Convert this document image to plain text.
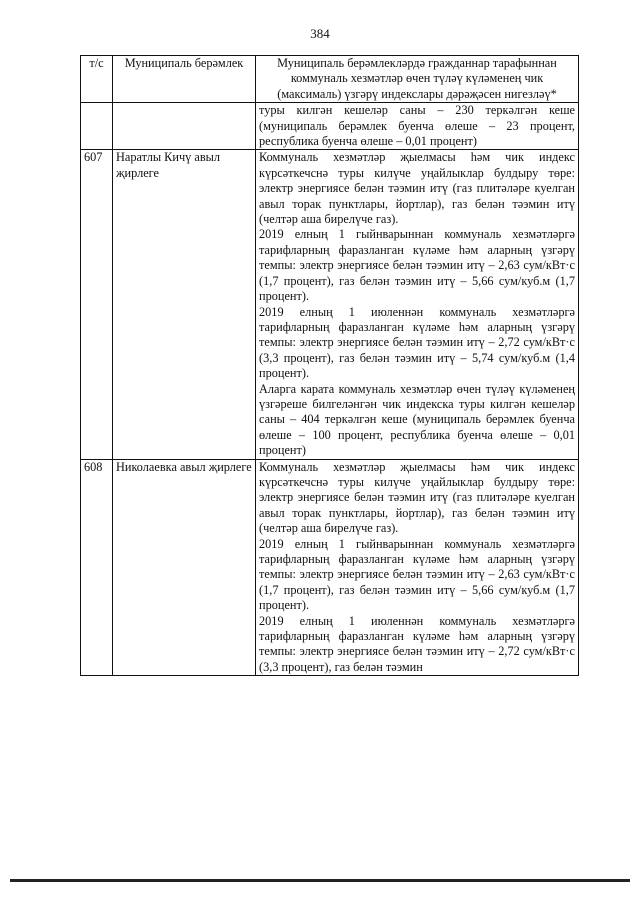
384
т/с	Муниципаль берәмлек	Муниципаль берәмлекләрдә гражданнар тарафыннан коммуналь хезмәтләр өчен түләү күләменең чик (максималь) үзгәрү индекслары дәрәҗәсен нигезләү*

		туры килгән кешеләр саны – 230 теркәлгән кеше (муниципаль берәмлек буенча өлеше – 23 процент, республика буенча өлеше – 0,01 процент)

607	Наратлы Кичү авыл җирлеге	Коммуналь хезмәтләр җыелмасы һәм чик индекс күрсәткечснә туры килүче уңайлыклар булдыру төре: электр энергиясе белән тәэмин итү (газ плитәләре куелган авыл торак пунктлары, йортлар), газ белән тәэмин итү (челтәр аша бирелүче газ).

2019 елның 1 гыйнварыннан коммуналь хезмәтләргә тарифларның фаразланган күләме һәм аларның үзгәрү темпы: электр энергиясе белән тәэмин итү – 2,63 сум/кВт·с (1,7 процент), газ белән тәэмин итү – 5,66 сум/куб.м (1,7 процент).

2019 елның 1 июленнән коммуналь хезмәтләргә тарифларның фаразланган күләме һәм аларның үзгәрү темпы: электр энергиясе белән тәэмин итү – 2,72 сум/кВт·с (3,3 процент), газ белән тәэмин итү – 5,74 сум/куб.м (1,4 процент).

Аларга карата коммуналь хезмәтләр өчен түләү күләменең үзгәреше билгеләнгән чик индекска туры килгән кешеләр саны – 404 теркәлгән кеше (муниципаль берәмлек буенча өлеше – 100 процент, республика буенча өлеше – 0,01 процент)

608	Николаевка авыл җирлеге	Коммуналь хезмәтләр җыелмасы һәм чик индекс күрсәткечснә туры килүче уңайлыклар булдыру төре: электр энергиясе белән тәэмин итү (газ плитәләре куелган авыл торак пунктлары, йортлар), газ белән тәэмин итү (челтәр аша бирелүче газ).

2019 елның 1 гыйнварыннан коммуналь хезмәтләргә тарифларның фаразланган күләме һәм аларның үзгәрү темпы: электр энергиясе белән тәэмин итү – 2,63 сум/кВт·с (1,7 процент), газ белән тәэмин итү – 5,66 сум/куб.м (1,7 процент).

2019 елның 1 июленнән коммуналь хезмәтләргә тарифларның фаразланган күләме һәм аларның үзгәрү темпы: электр энергиясе белән тәэмин итү – 2,72 сум/кВт·с (3,3 процент), газ белән тәэмин
